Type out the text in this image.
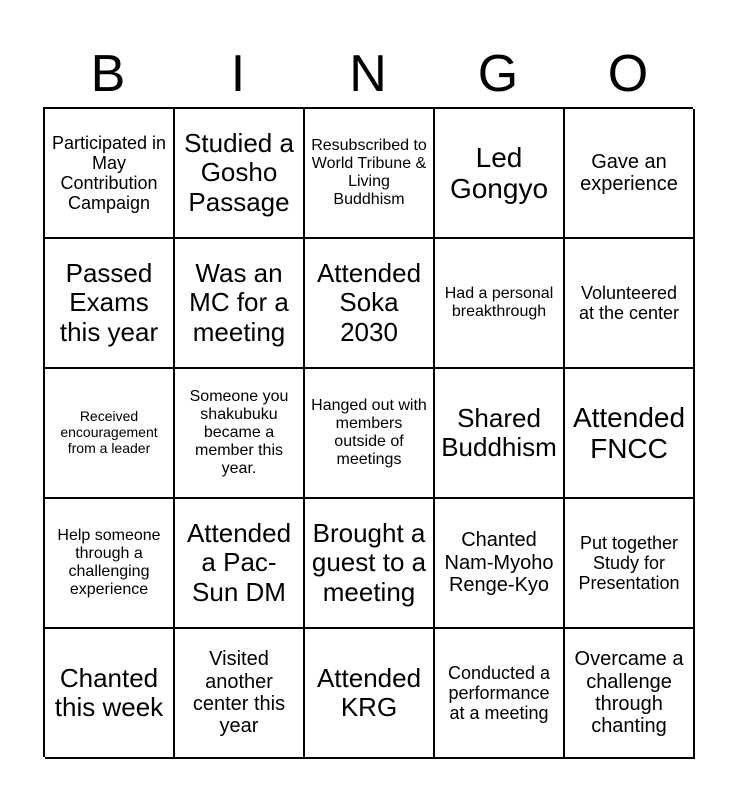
B	I	N	G	O
Participated in May Contribution Campaign
Studied a Gosho Passage
Resubscribed to World Tribune & Living Buddhism
Led Gongyo
Gave an experience
Passed Exams this year
Was an MC for a meeting
Attended Soka 2030
Had a personal breakthrough
Volunteered at the center
Received encouragement from a leader
Someone you shakubuku became a member this year.
Hanged out with members outside of meetings
Shared Buddhism
Attended FNCC
Help someone through a challenging experience
Attended a Pac-Sun DM
Brought a guest to a meeting
Chanted Nam-Myoho Renge-Kyo
Put together Study for Presentation
Chanted this week
Visited another center this year
Attended KRG
Conducted a performance at a meeting
Overcame a challenge through chanting
